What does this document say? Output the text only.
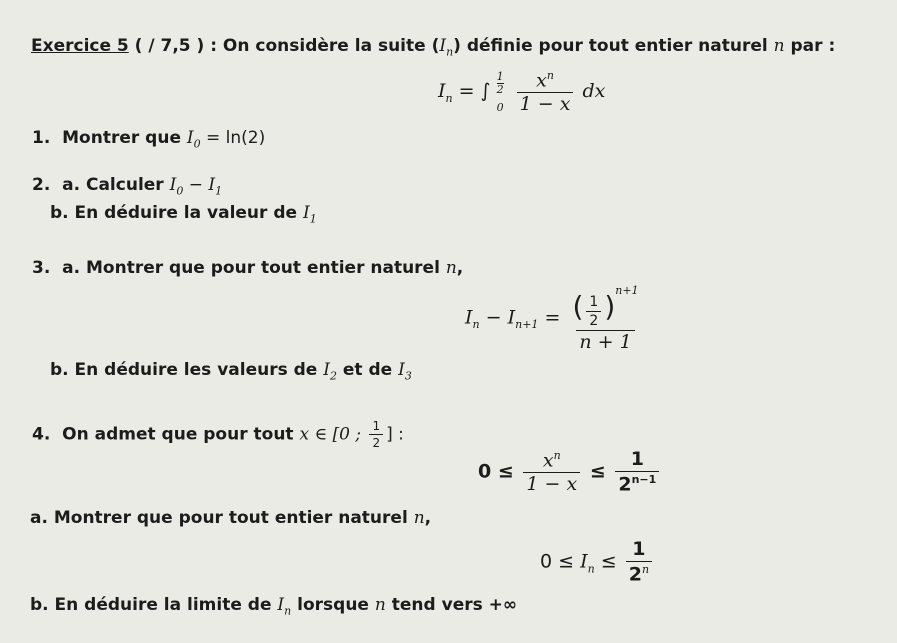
Exercice 5 ( / 7,5 ) : On considère la suite $(I_n)$ définie pour tout entier naturel n par :
$I_n$ = ∫ $\frac{1}{2}$
0
$\frac{x^n}{1 - x}$ dx
1. Montrer que $I_0 = \ln(2)$
2. a. Calculer $I_0 - I_1$
b. En déduire la valeur de $I_1$
3. a. Montrer que pour tout entier naturel n,
$I_n - I_{n+1} = \frac{( \frac{1}{2} )^{n+1}}{n + 1}$
b. En déduire les valeurs de $I_2$ et de $I_3$
4. On admet que pour tout x ∈ [0 ; $\frac{1}{2}$ ] :
$0 \le \frac{x^n}{1 - x} \le \frac{1}{2^{n-1}}$
a. Montrer que pour tout entier naturel n,
$0 \le I_n \le \frac{1}{2^n}$
b. En déduire la limite de $I_n$ lorsque n tend vers +∞
